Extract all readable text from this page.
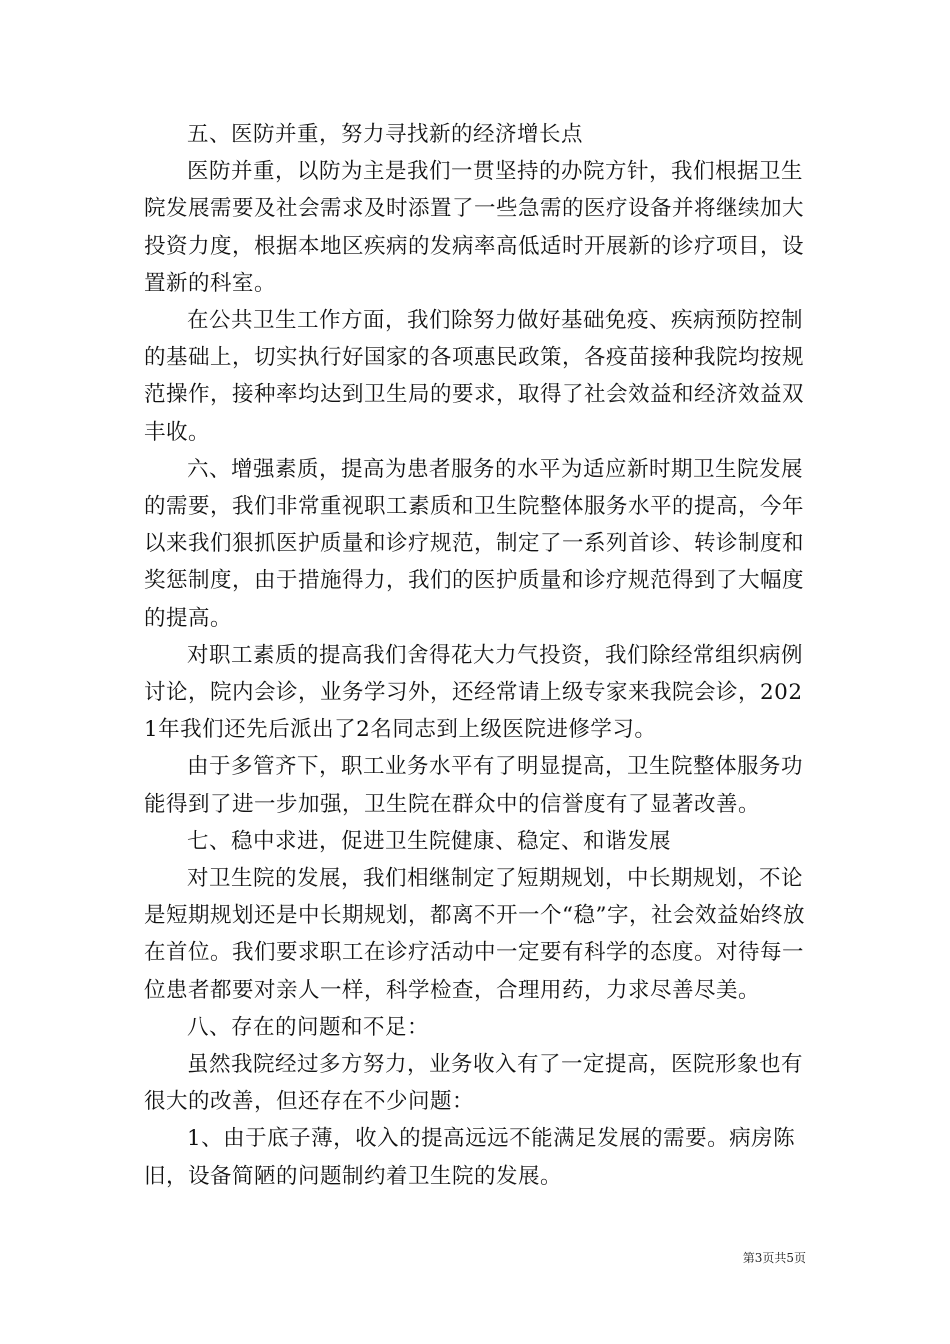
五、医防并重，努力寻找新的经济增长点

医防并重，以防为主是我们一贯坚持的办院方针，我们根据卫生院发展需要及社会需求及时添置了一些急需的医疗设备并将继续加大投资力度，根据本地区疾病的发病率高低适时开展新的诊疗项目，设置新的科室。

在公共卫生工作方面，我们除努力做好基础免疫、疾病预防控制的基础上，切实执行好国家的各项惠民政策，各疫苗接种我院均按规范操作，接种率均达到卫生局的要求，取得了社会效益和经济效益双丰收。

六、增强素质，提高为患者服务的水平为适应新时期卫生院发展的需要，我们非常重视职工素质和卫生院整体服务水平的提高，今年以来我们狠抓医护质量和诊疗规范，制定了一系列首诊、转诊制度和奖惩制度，由于措施得力，我们的医护质量和诊疗规范得到了大幅度的提高。

对职工素质的提高我们舍得花大力气投资，我们除经常组织病例讨论，院内会诊，业务学习外，还经常请上级专家来我院会诊，2021年我们还先后派出了2名同志到上级医院进修学习。

由于多管齐下，职工业务水平有了明显提高，卫生院整体服务功能得到了进一步加强，卫生院在群众中的信誉度有了显著改善。

七、稳中求进，促进卫生院健康、稳定、和谐发展

对卫生院的发展，我们相继制定了短期规划，中长期规划，不论是短期规划还是中长期规划，都离不开一个“稳”字，社会效益始终放在首位。我们要求职工在诊疗活动中一定要有科学的态度。对待每一位患者都要对亲人一样，科学检查，合理用药，力求尽善尽美。

八、存在的问题和不足：

虽然我院经过多方努力，业务收入有了一定提高，医院形象也有很大的改善，但还存在不少问题：

1、由于底子薄，收入的提高远远不能满足发展的需要。病房陈旧，设备简陋的问题制约着卫生院的发展。

第3页共5页
